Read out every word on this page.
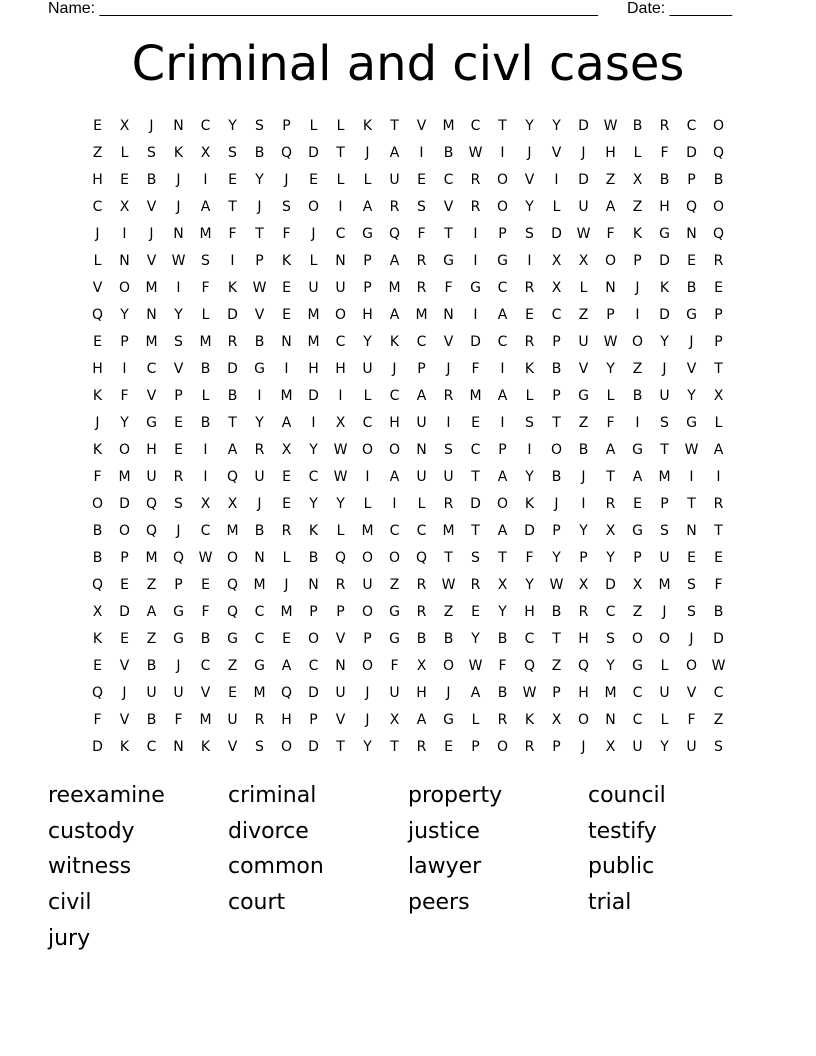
Name: ________________________________________________________ Date: _______
Criminal and civl cases
E	X	J	N	C	Y	S	P	L	L	K	T	V	M	C	T	Y	Y	D	W	B	R	C	O
Z	L	S	K	X	S	B	Q	D	T	J	A	I	B	W	I	J	V	J	H	L	F	D	Q
H	E	B	J	I	E	Y	J	E	L	L	U	E	C	R	O	V	I	D	Z	X	B	P	B
C	X	V	J	A	T	J	S	O	I	A	R	S	V	R	O	Y	L	U	A	Z	H	Q	O
J	I	J	N	M	F	T	F	J	C	G	Q	F	T	I	P	S	D	W	F	K	G	N	Q
L	N	V	W	S	I	P	K	L	N	P	A	R	G	I	G	I	X	X	O	P	D	E	R
V	O	M	I	F	K	W	E	U	U	P	M	R	F	G	C	R	X	L	N	J	K	B	E
Q	Y	N	Y	L	D	V	E	M	O	H	A	M	N	I	A	E	C	Z	P	I	D	G	P
E	P	M	S	M	R	B	N	M	C	Y	K	C	V	D	C	R	P	U	W	O	Y	J	P
H	I	C	V	B	D	G	I	H	H	U	J	P	J	F	I	K	B	V	Y	Z	J	V	T
K	F	V	P	L	B	I	M	D	I	L	C	A	R	M	A	L	P	G	L	B	U	Y	X
J	Y	G	E	B	T	Y	A	I	X	C	H	U	I	E	I	S	T	Z	F	I	S	G	L
K	O	H	E	I	A	R	X	Y	W	O	O	N	S	C	P	I	O	B	A	G	T	W	A
F	M	U	R	I	Q	U	E	C	W	I	A	U	U	T	A	Y	B	J	T	A	M	I	I
O	D	Q	S	X	X	J	E	Y	Y	L	I	L	R	D	O	K	J	I	R	E	P	T	R
B	O	Q	J	C	M	B	R	K	L	M	C	C	M	T	A	D	P	Y	X	G	S	N	T
B	P	M	Q	W	O	N	L	B	Q	O	O	Q	T	S	T	F	Y	P	Y	P	U	E	E
Q	E	Z	P	E	Q	M	J	N	R	U	Z	R	W	R	X	Y	W	X	D	X	M	S	F
X	D	A	G	F	Q	C	M	P	P	O	G	R	Z	E	Y	H	B	R	C	Z	J	S	B
K	E	Z	G	B	G	C	E	O	V	P	G	B	B	Y	B	C	T	H	S	O	O	J	D
E	V	B	J	C	Z	G	A	C	N	O	F	X	O	W	F	Q	Z	Q	Y	G	L	O	W
Q	J	U	U	V	E	M	Q	D	U	J	U	H	J	A	B	W	P	H	M	C	U	V	C
F	V	B	F	M	U	R	H	P	V	J	X	A	G	L	R	K	X	O	N	C	L	F	Z
D	K	C	N	K	V	S	O	D	T	Y	T	R	E	P	O	R	P	J	X	U	Y	U	S
reexamine	criminal	property	council
custody	divorce	justice	testify
witness	common	lawyer	public
civil	court	peers	trial
jury
